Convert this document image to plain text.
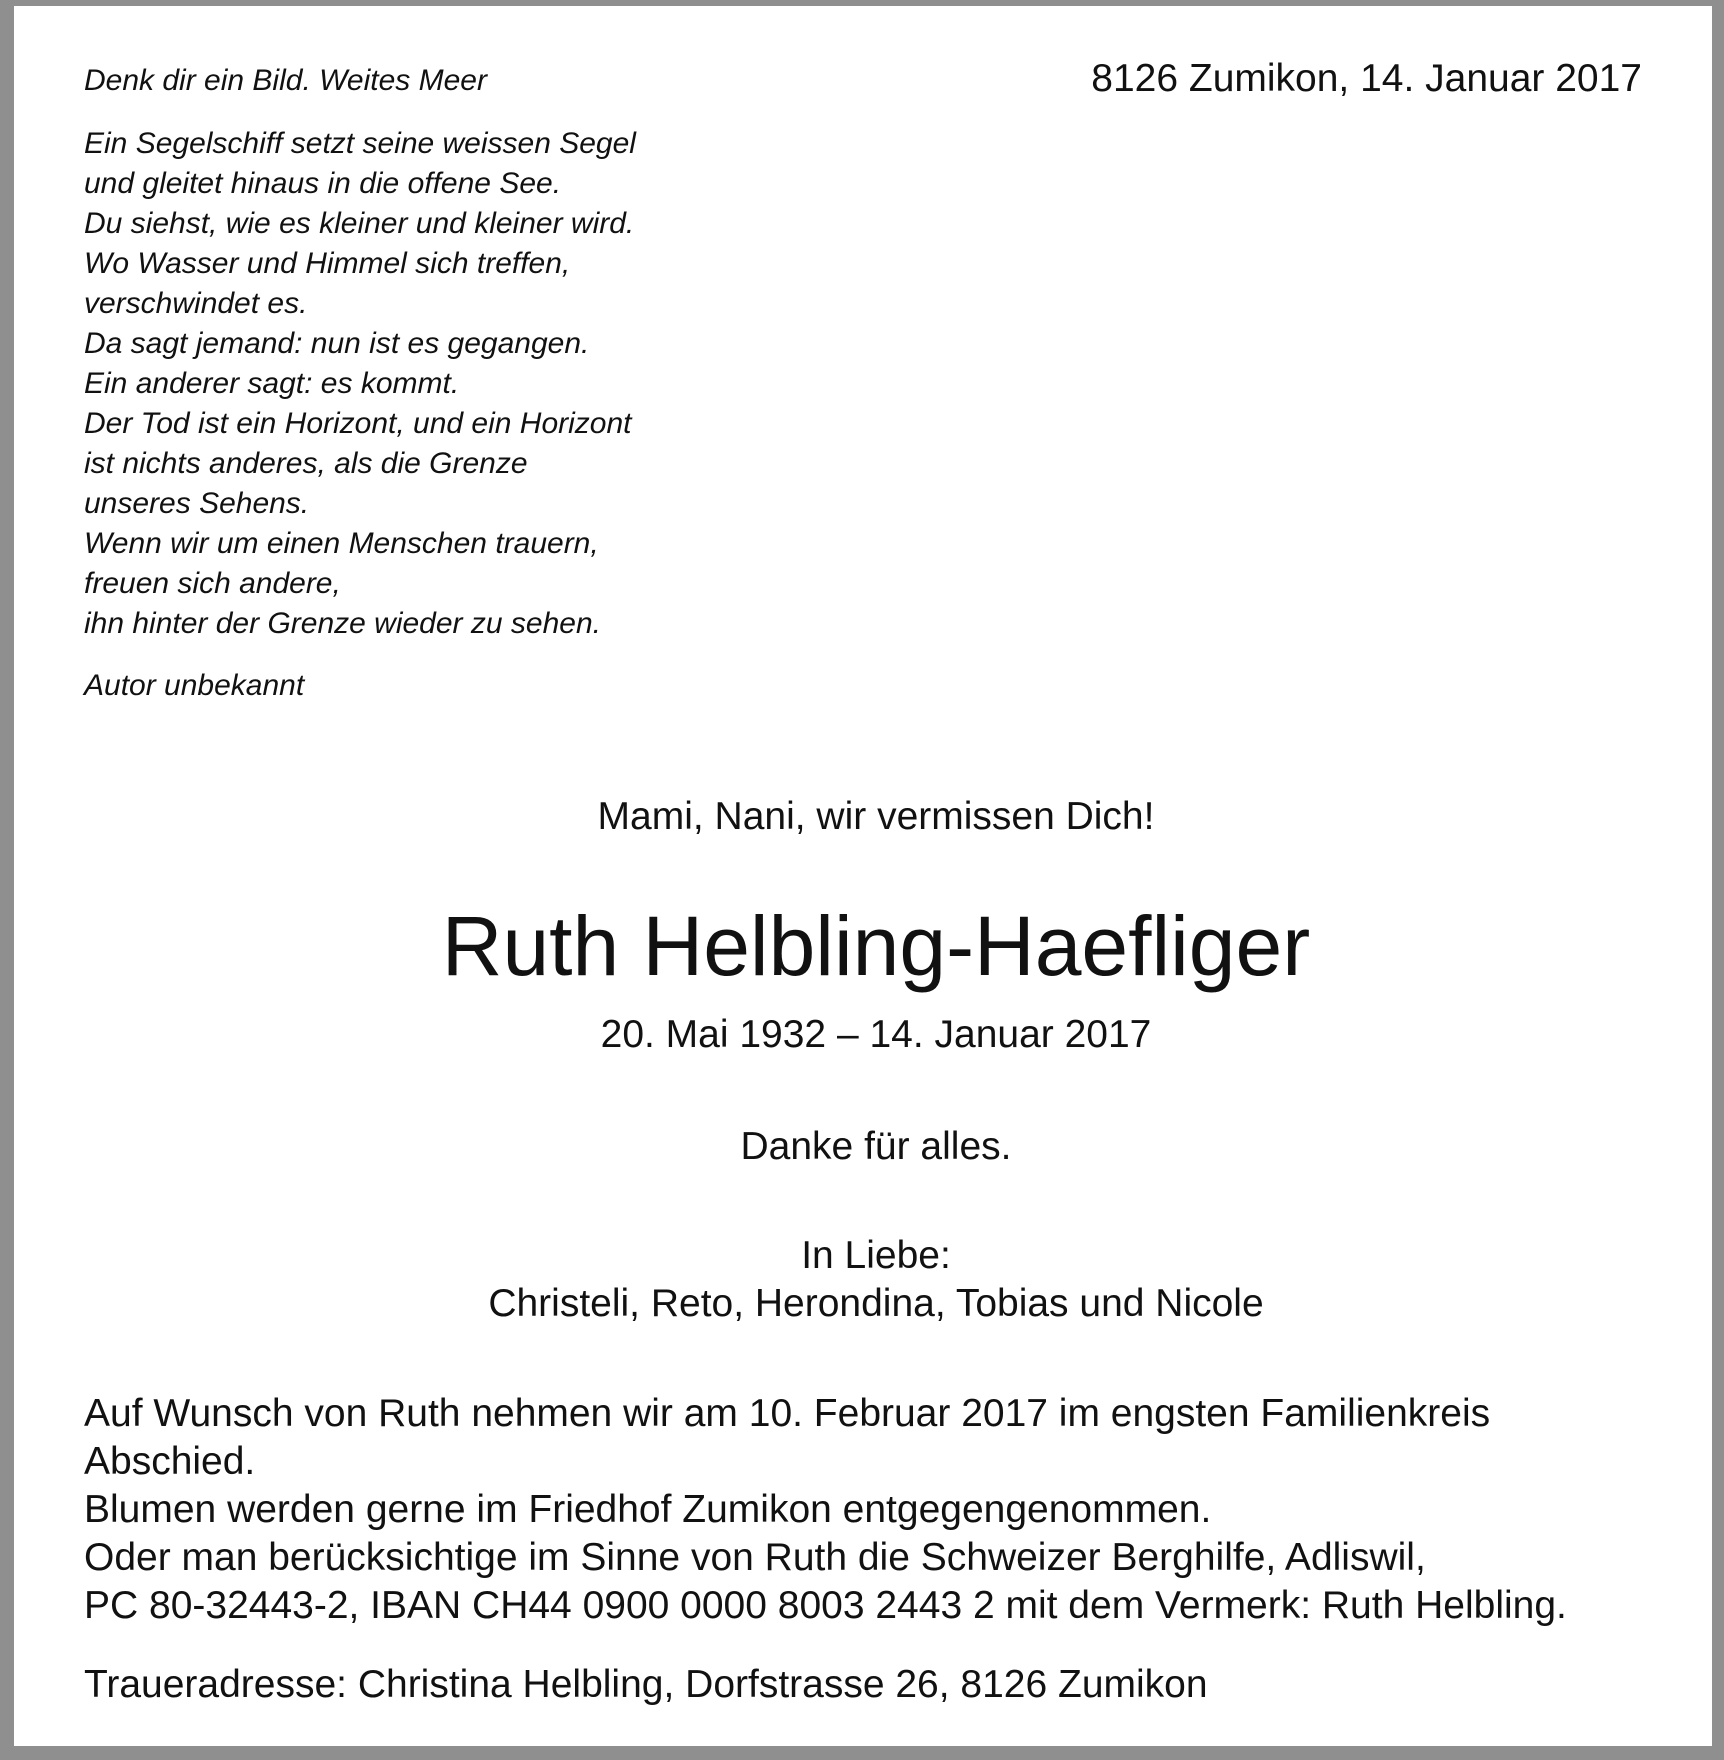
Denk dir ein Bild. Weites Meer	8126 Zumikon, 14. Januar 2017
Ein Segelschiff setzt seine weissen Segel
und gleitet hinaus in die offene See.
Du siehst, wie es kleiner und kleiner wird.
Wo Wasser und Himmel sich treffen,
verschwindet es.
Da sagt jemand: nun ist es gegangen.
Ein anderer sagt: es kommt.
Der Tod ist ein Horizont, und ein Horizont
ist nichts anderes, als die Grenze
unseres Sehens.
Wenn wir um einen Menschen trauern,
freuen sich andere,
ihn hinter der Grenze wieder zu sehen.
Autor unbekannt
Mami, Nani, wir vermissen Dich!
Ruth Helbling-Haefliger
20. Mai 1932 – 14. Januar 2017
Danke für alles.
In Liebe:
Christeli, Reto, Herondina, Tobias und Nicole
Auf Wunsch von Ruth nehmen wir am 10. Februar 2017 im engsten Familienkreis
Abschied.
Blumen werden gerne im Friedhof Zumikon entgegengenommen.
Oder man berücksichtige im Sinne von Ruth die Schweizer Berghilfe, Adliswil,
PC 80-32443-2, IBAN CH44 0900 0000 8003 2443 2 mit dem Vermerk: Ruth Helbling.
Traueradresse: Christina Helbling, Dorfstrasse 26, 8126 Zumikon
